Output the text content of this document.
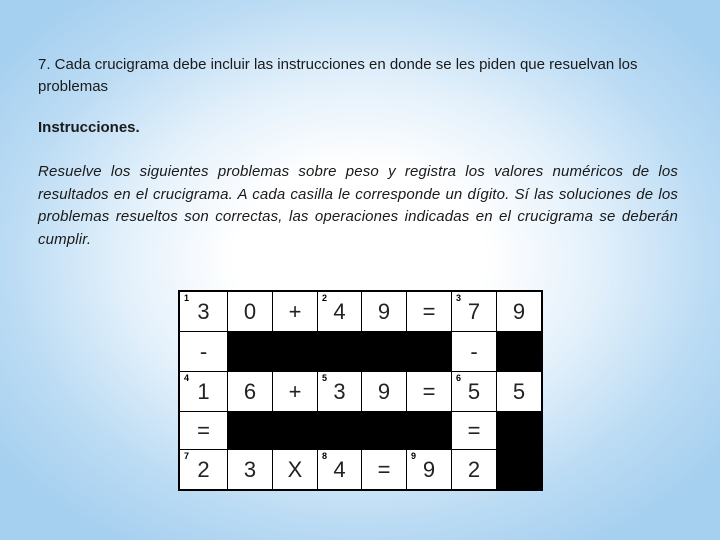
7. Cada crucigrama debe incluir las instrucciones en donde se les piden que resuelvan los problemas

Instrucciones.

Resuelve los siguientes problemas sobre peso y registra los valores numéricos de los resultados en el crucigrama. A cada casilla le corresponde un dígito. Sí las soluciones de los problemas resueltos son correctas, las operaciones indicadas en el crucigrama se deberán cumplir.

1
3 0 +
2
4 9 =
3
7 9
-	-
4
1 6 +
5
3 9 =
6
5 5
=	=
7
2 3 X
8
4 =
9
9 2
